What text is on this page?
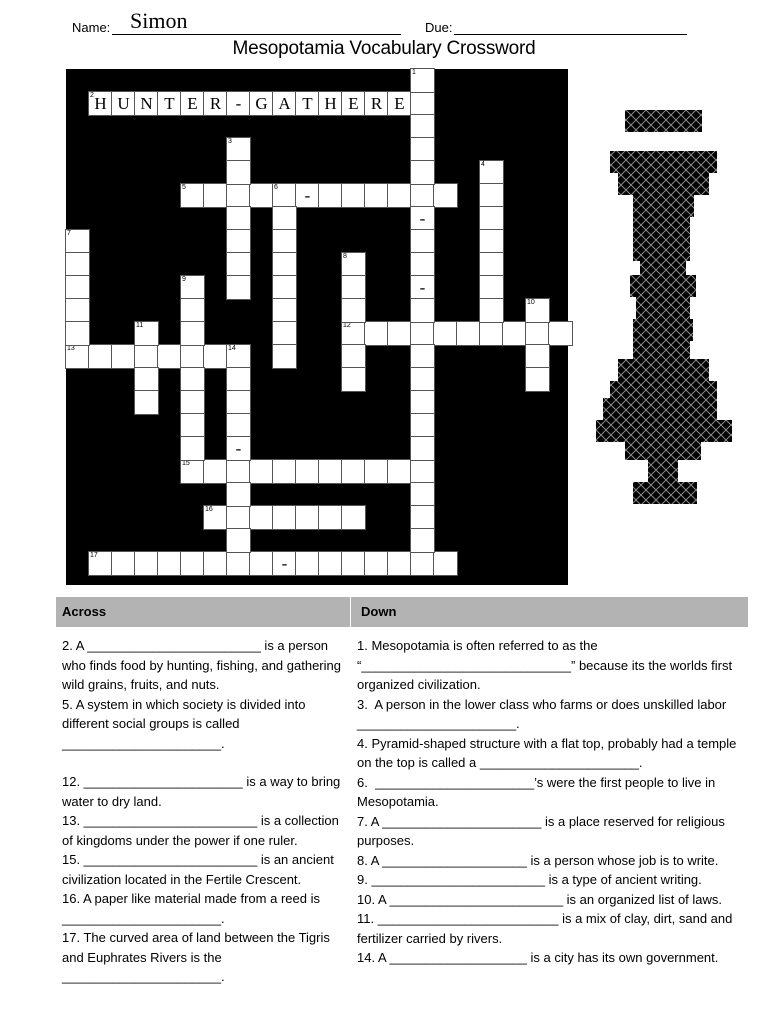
Name: Simon	Due:
Mesopotamia Vocabulary Crossword
2 H U N T E R - G A T H E R E
5	6	-
12
13
15
16
17	-
1
-
-
3
4
7
8
9
10
11
14
-
Across	Down
2. A ________________________ is a person who finds food by hunting, fishing, and gathering wild grains, fruits, and nuts.
5. A system in which society is divided into different social groups is called ______________________.
12. ______________________ is a way to bring water to dry land.
13. ________________________ is a collection of kingdoms under the power if one ruler.
15. ________________________ is an ancient civilization located in the Fertile Crescent.
16. A paper like material made from a reed is ______________________.
17. The curved area of land between the Tigris and Euphrates Rivers is the ______________________.
1. Mesopotamia is often referred to as the “_____________________________” because its the worlds first organized civilization.
3.  A person in the lower class who farms or does unskilled labor ______________________.
4. Pyramid-shaped structure with a flat top, probably had a temple on the top is called a ______________________.
6.  ______________________’s were the first people to live in Mesopotamia.
7. A ______________________ is a place reserved for religious purposes.
8. A ____________________ is a person whose job is to write.
9. ________________________ is a type of ancient writing.
10. A ________________________ is an organized list of laws.
11. _________________________ is a mix of clay, dirt, sand and fertilizer carried by rivers.
14. A ___________________ is a city has its own government.
